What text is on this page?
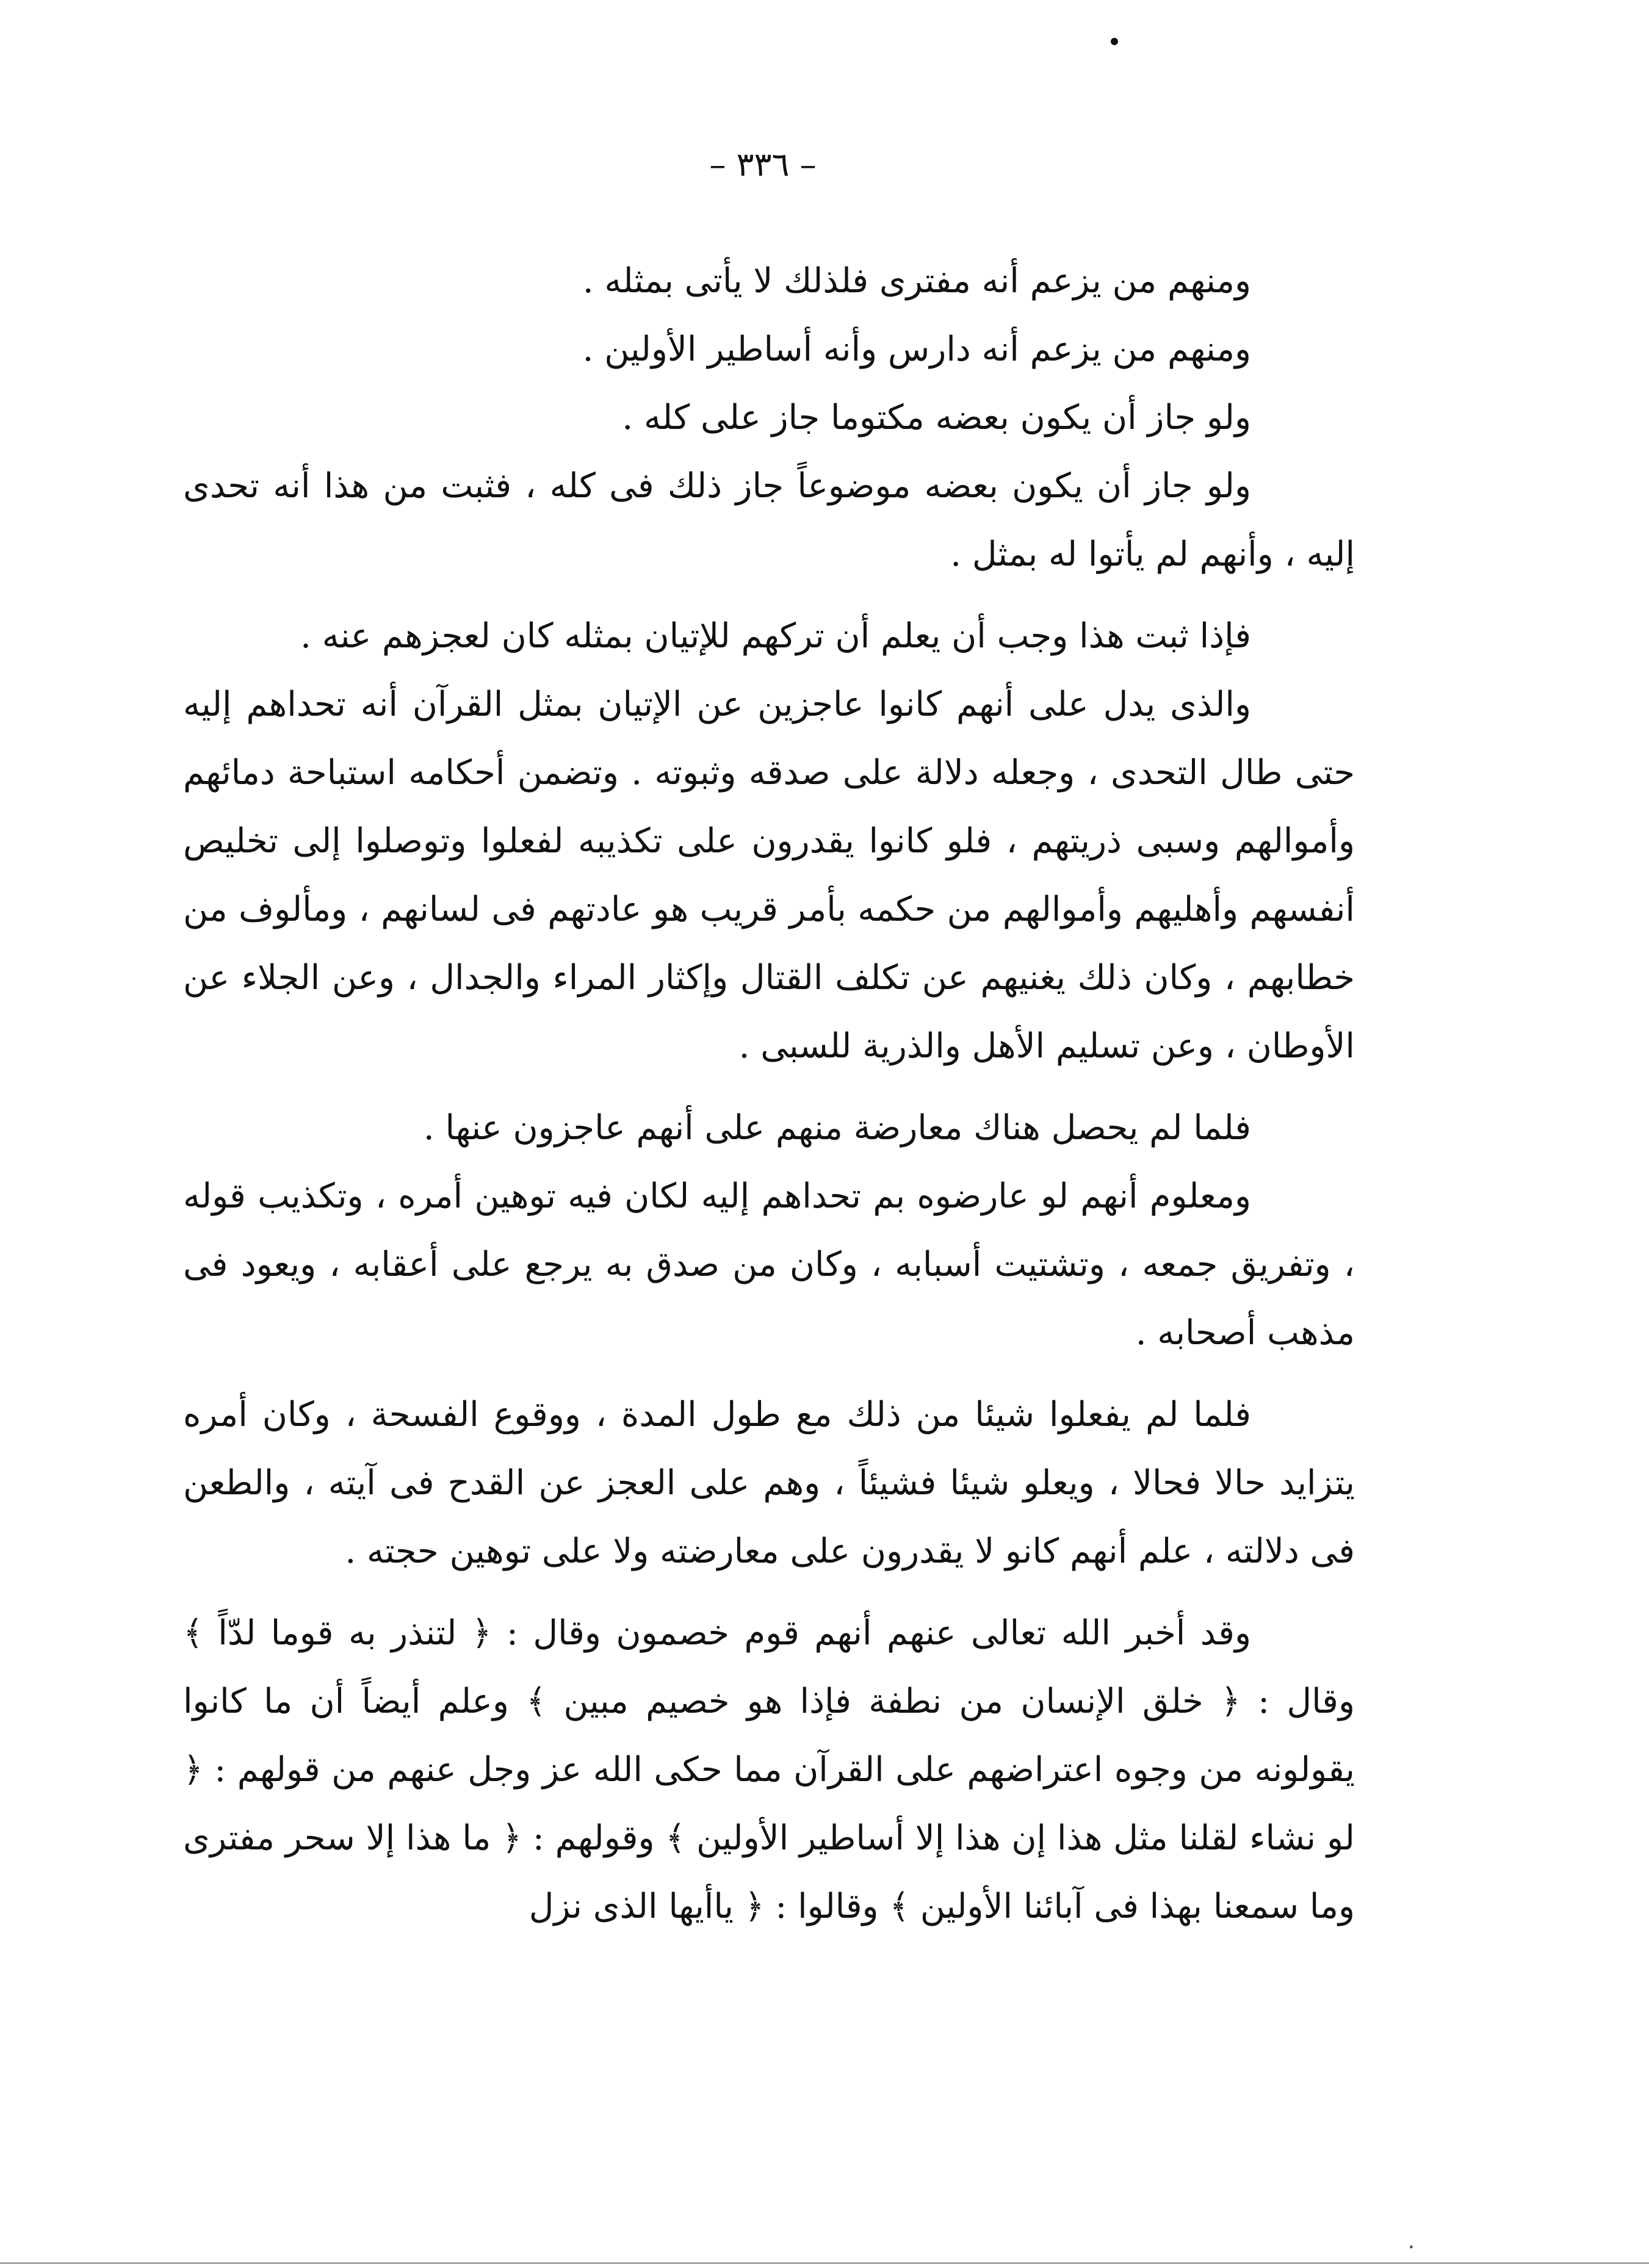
– ٣٣٦ –

ومنهم من يزعم أنه مفترى فلذلك لا يأتى بمثله .

ومنهم من يزعم أنه دارس وأنه أساطير الأولين .

ولو جاز أن يكون بعضه مكتوما جاز على كله .

ولو جاز أن يكون بعضه موضوعاً جاز ذلك فى كله ، فثبت من هذا أنه تحدى إليه ، وأنهم لم يأتوا له بمثل .

فإذا ثبت هذا وجب أن يعلم أن تركهم للإتيان بمثله كان لعجزهم عنه .

والذى يدل على أنهم كانوا عاجزين عن الإتيان بمثل القرآن أنه تحداهم إليه حتى طال التحدى ، وجعله دلالة على صدقه وثبوته . وتضمن أحكامه استباحة دمائهم وأموالهم وسبى ذريتهم ، فلو كانوا يقدرون على تكذيبه لفعلوا وتوصلوا إلى تخليص أنفسهم وأهليهم وأموالهم من حكمه بأمر قريب هو عادتهم فى لسانهم ، ومألوف من خطابهم ، وكان ذلك يغنيهم عن تكلف القتال وإكثار المراء والجدال ، وعن الجلاء عن الأوطان ، وعن تسليم الأهل والذرية للسبى .

فلما لم يحصل هناك معارضة منهم على أنهم عاجزون عنها .

ومعلوم أنهم لو عارضوه بم تحداهم إليه لكان فيه توهين أمره ، وتكذيب قوله ، وتفريق جمعه ، وتشتيت أسبابه ، وكان من صدق به يرجع على أعقابه ، ويعود فى مذهب أصحابه .

فلما لم يفعلوا شيئا من ذلك مع طول المدة ، ووقوع الفسحة ، وكان أمره يتزايد حالا فحالا ، ويعلو شيئا فشيئاً ، وهم على العجز عن القدح فى آيته ، والطعن فى دلالته ، علم أنهم كانو لا يقدرون على معارضته ولا على توهين حجته .

وقد أخبر الله تعالى عنهم أنهم قوم خصمون وقال : ﴿ لتنذر به قوما لدّاً ﴾ وقال : ﴿ خلق الإنسان من نطفة فإذا هو خصيم مبين ﴾ وعلم أيضاً أن ما كانوا يقولونه من وجوه اعتراضهم على القرآن مما حكى الله عز وجل عنهم من قولهم : ﴿ لو نشاء لقلنا مثل هذا إن هذا إلا أساطير الأولين ﴾ وقولهم : ﴿ ما هذا إلا سحر مفترى وما سمعنا بهذا فى آبائنا الأولين ﴾ وقالوا : ﴿ ياأيها الذى نزل
